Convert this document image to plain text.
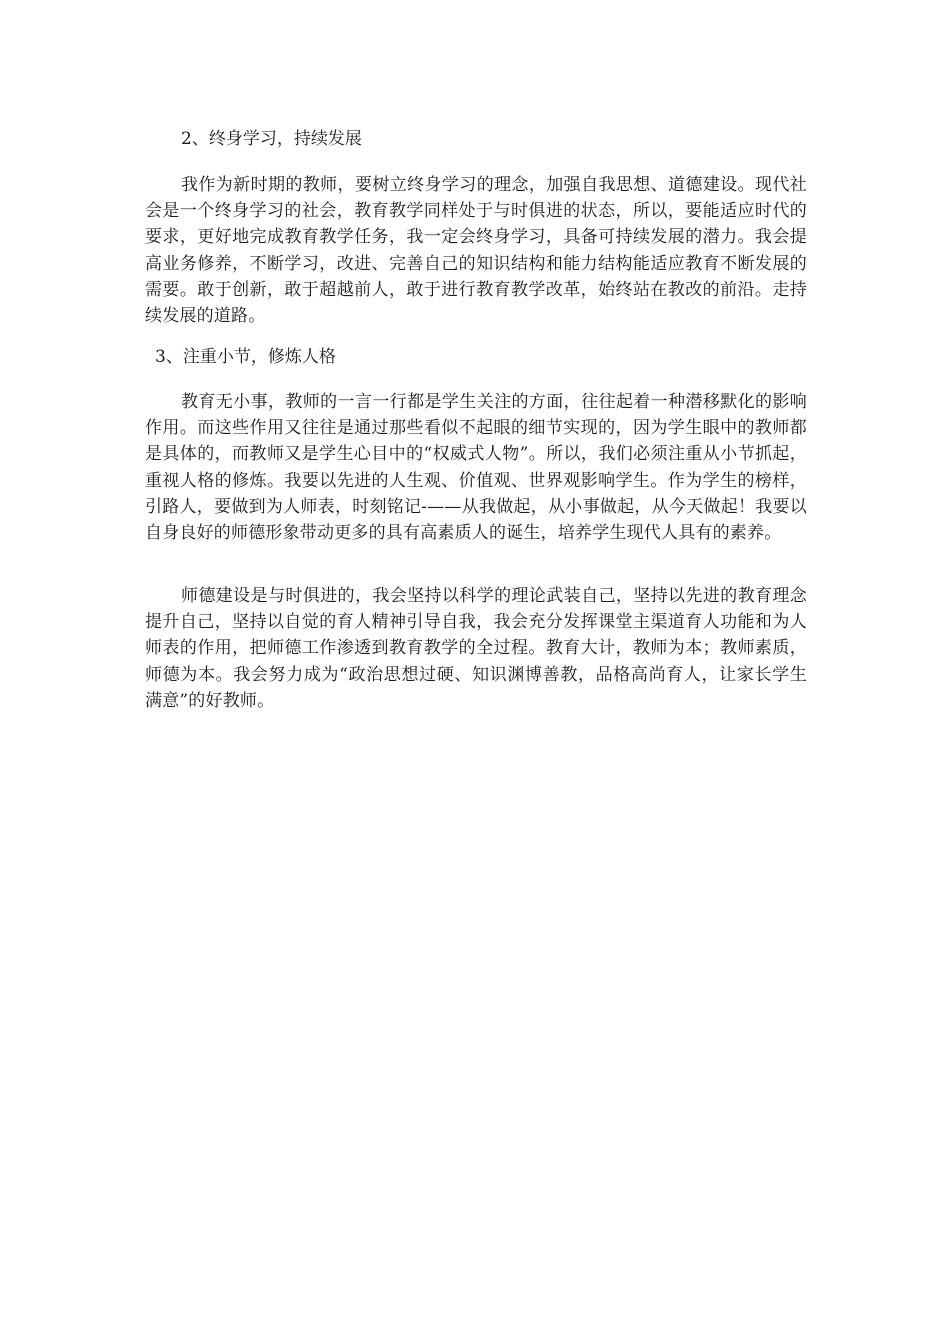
2、终身学习，持续发展

我作为新时期的教师，要树立终身学习的理念，加强自我思想、道德建设。现代社会是一个终身学习的社会，教育教学同样处于与时俱进的状态，所以，要能适应时代的要求，更好地完成教育教学任务，我一定会终身学习，具备可持续发展的潜力。我会提高业务修养，不断学习，改进、完善自己的知识结构和能力结构能适应教育不断发展的需要。敢于创新，敢于超越前人，敢于进行教育教学改革，始终站在教改的前沿。走持续发展的道路。

3、注重小节，修炼人格

教育无小事，教师的一言一行都是学生关注的方面，往往起着一种潜移默化的影响作用。而这些作用又往往是通过那些看似不起眼的细节实现的，因为学生眼中的教师都是具体的，而教师又是学生心目中的“权威式人物”。所以，我们必须注重从小节抓起，重视人格的修炼。我要以先进的人生观、价值观、世界观影响学生。作为学生的榜样，引路人，要做到为人师表，时刻铭记-——从我做起，从小事做起，从今天做起！我要以自身良好的师德形象带动更多的具有高素质人的诞生，培养学生现代人具有的素养。

师德建设是与时俱进的，我会坚持以科学的理论武装自己，坚持以先进的教育理念提升自己，坚持以自觉的育人精神引导自我，我会充分发挥课堂主渠道育人功能和为人师表的作用，把师德工作渗透到教育教学的全过程。教育大计，教师为本；教师素质，师德为本。我会努力成为“政治思想过硬、知识渊博善教，品格高尚育人，让家长学生满意”的好教师。
